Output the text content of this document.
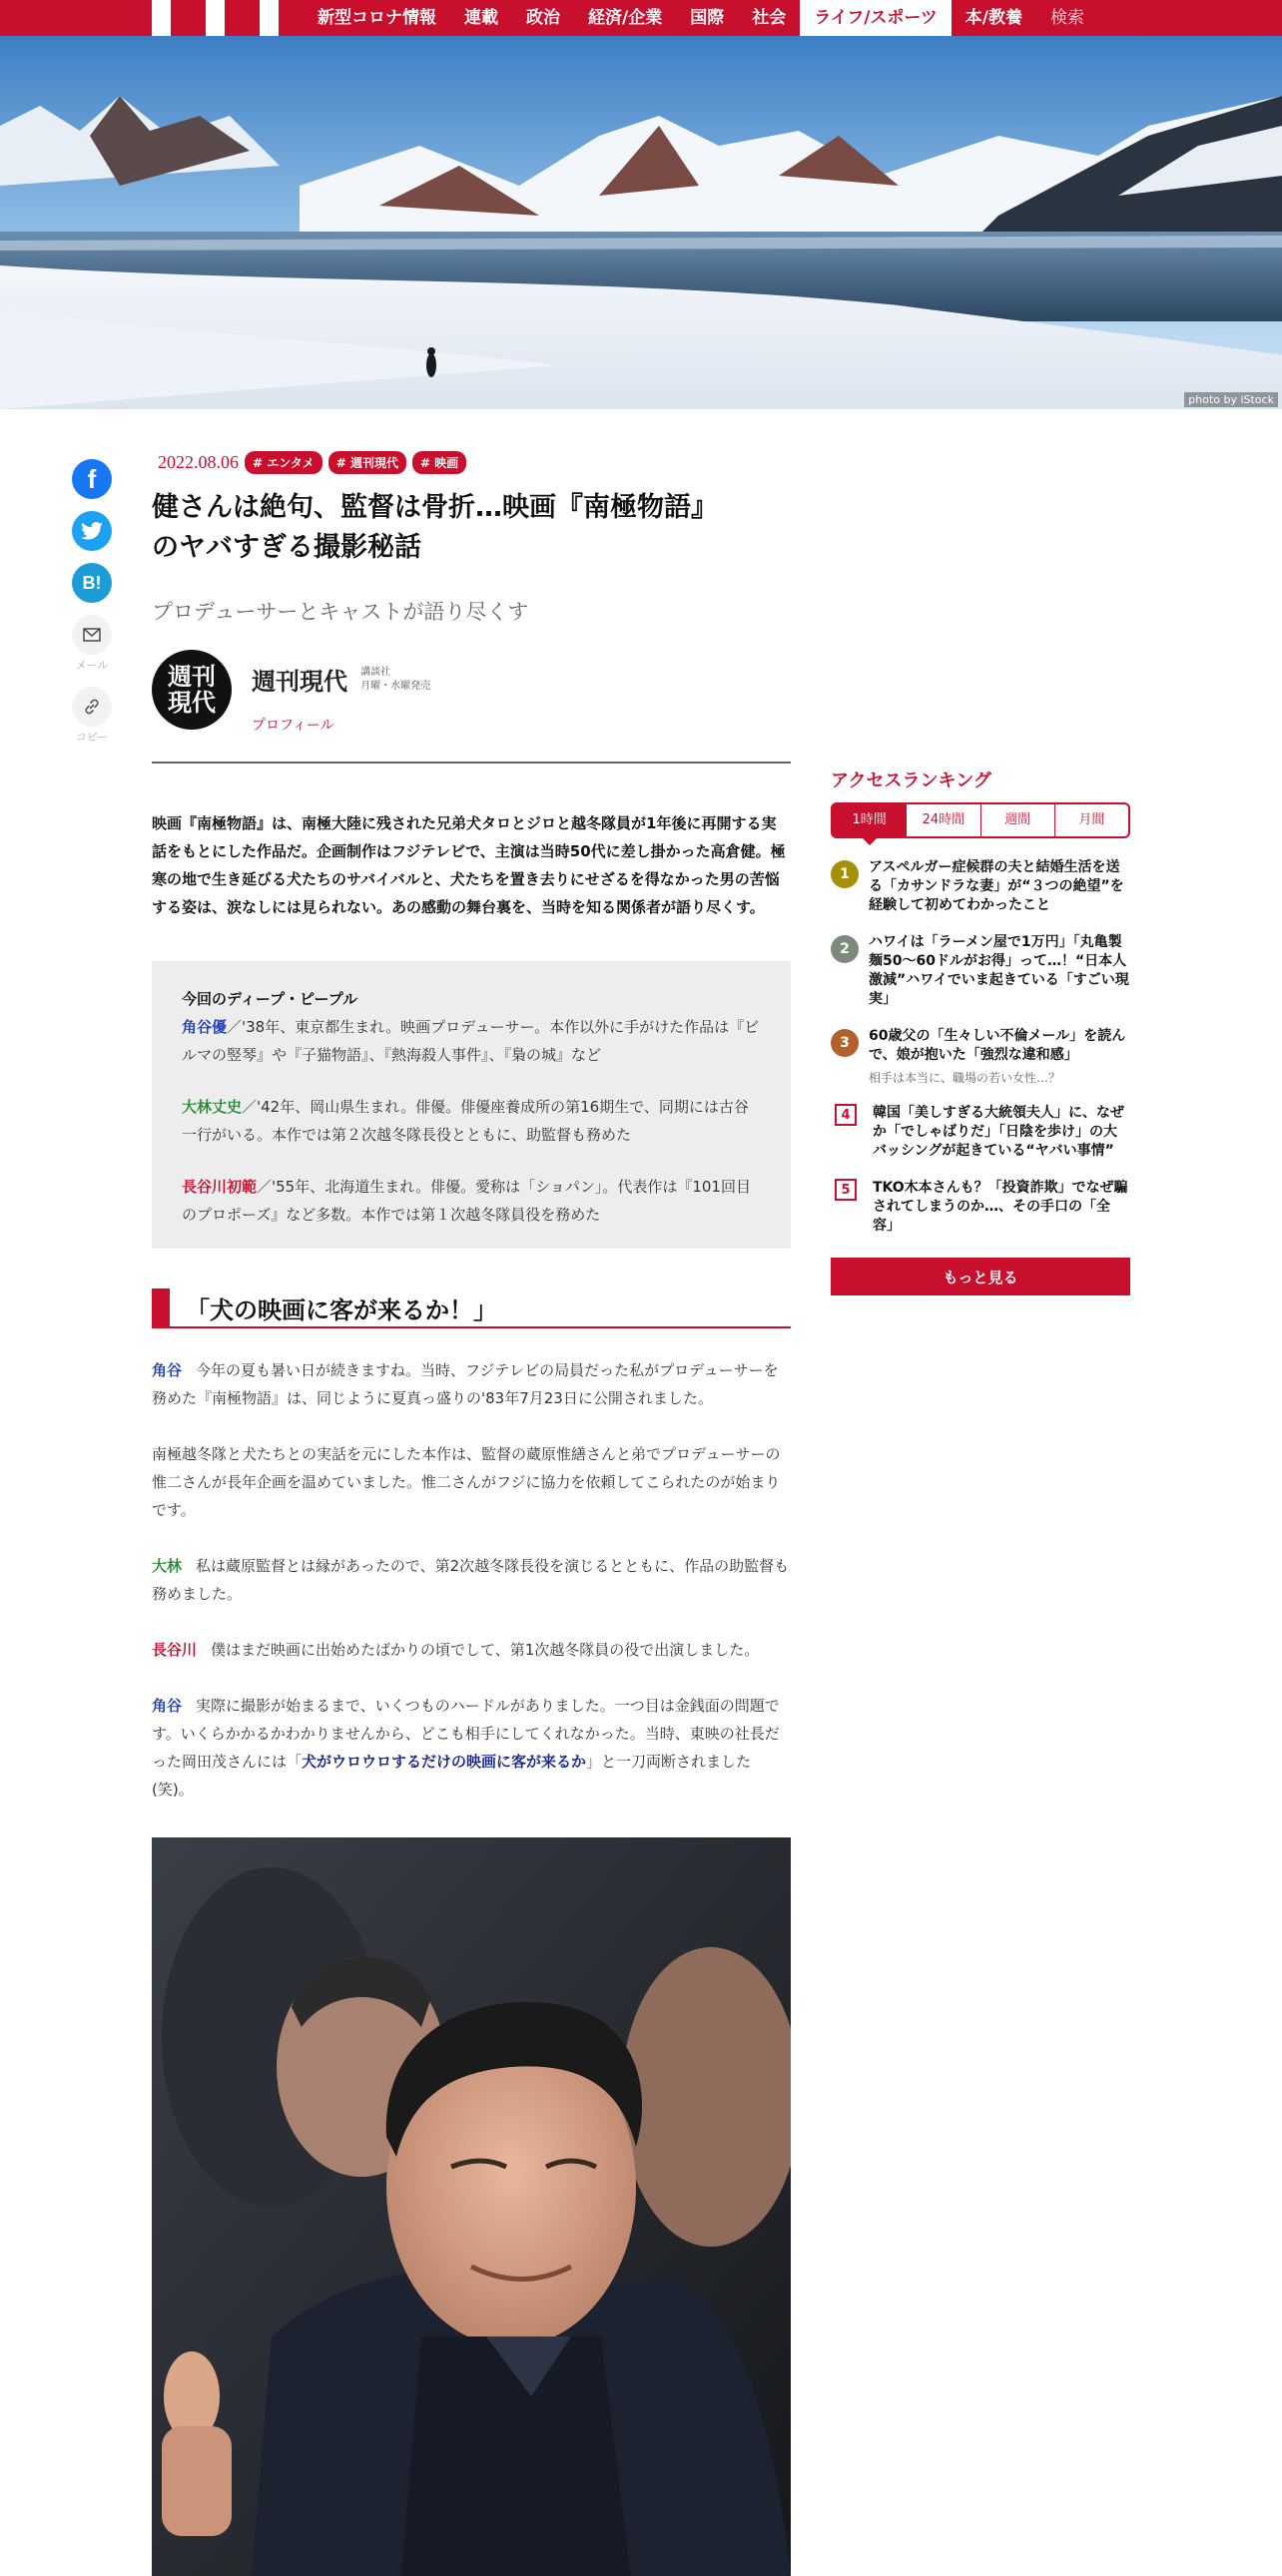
新型コロナ情報	連載	政治	経済/企業	国際	社会	ライフ/スポーツ	本/教養	検索
photo by iStock
f
B!
メール
コピー
2022.08.06	# エンタメ	# 週刊現代	# 映画
健さんは絶句、監督は骨折…映画『南極物語』
のヤバすぎる撮影秘話
プロデューサーとキャストが語り尽くす
週刊
現代
週刊現代 講談社
月曜・水曜発売
プロフィール
映画『南極物語』は、南極大陸に残された兄弟犬タロとジロと越冬隊員が1年後に再開する実話をもとにした作品だ。企画制作はフジテレビで、主演は当時50代に差し掛かった高倉健。極寒の地で生き延びる犬たちのサバイバルと、犬たちを置き去りにせざるを得なかった男の苦悩する姿は、涙なしには見られない。あの感動の舞台裏を、当時を知る関係者が語り尽くす。

今回のディープ・ピープル
角谷優／'38年、東京都生まれ。映画プロデューサー。本作以外に手がけた作品は『ビルマの竪琴』や『子猫物語』、『熱海殺人事件』、『梟の城』など

大林丈史／'42年、岡山県生まれ。俳優。俳優座養成所の第16期生で、同期には古谷一行がいる。本作では第２次越冬隊長役とともに、助監督も務めた

長谷川初範／'55年、北海道生まれ。俳優。愛称は「ショパン」。代表作は『101回目のプロポーズ』など多数。本作では第１次越冬隊員役を務めた

「犬の映画に客が来るか！」
角谷 今年の夏も暑い日が続きますね。当時、フジテレビの局員だった私がプロデューサーを務めた『南極物語』は、同じように夏真っ盛りの'83年7月23日に公開されました。
南極越冬隊と犬たちとの実話を元にした本作は、監督の蔵原惟繕さんと弟でプロデューサーの惟二さんが長年企画を温めていました。惟二さんがフジに協力を依頼してこられたのが始まりです。
大林 私は蔵原監督とは縁があったので、第2次越冬隊長役を演じるとともに、作品の助監督も務めました。
長谷川 僕はまだ映画に出始めたばかりの頃でして、第1次越冬隊員の役で出演しました。
角谷 実際に撮影が始まるまで、いくつものハードルがありました。一つ目は金銭面の問題です。いくらかかるかわかりませんから、どこも相手にしてくれなかった。当時、東映の社長だった岡田茂さんには「犬がウロウロするだけの映画に客が来るか」と一刀両断されました(笑)。
アクセスランキング
1時間	24時間	週間	月間
1	アスペルガー症候群の夫と結婚生活を送る「カサンドラな妻」が“３つの絶望”を経験して初めてわかったこと
2	ハワイは「ラーメン屋で1万円」「丸亀製麺50～60ドルがお得」って…！“日本人激減”ハワイでいま起きている「すごい現実」
3	60歳父の「生々しい不倫メール」を読んで、娘が抱いた「強烈な違和感」
相手は本当に、職場の若い女性…？
4	韓国「美しすぎる大統領夫人」に、なぜか「でしゃばりだ」「日陰を歩け」の大バッシングが起きている“ヤバい事情”
5	TKO木本さんも？「投資詐欺」でなぜ騙されてしまうのか…、その手口の「全容」
もっと見る
